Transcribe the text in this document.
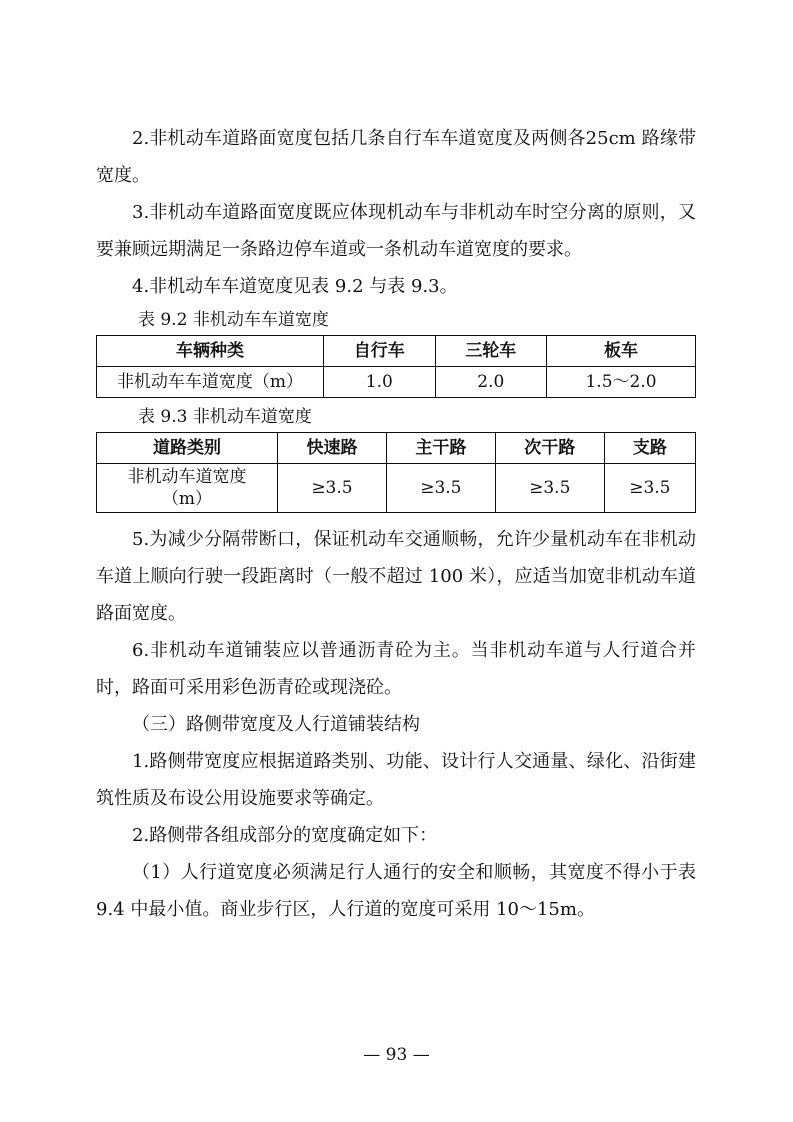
2.非机动车道路面宽度包括几条自行车车道宽度及两侧各25cm 路缘带宽度。

3.非机动车道路面宽度既应体现机动车与非机动车时空分离的原则，又要兼顾远期满足一条路边停车道或一条机动车道宽度的要求。

4.非机动车车道宽度见表 9.2 与表 9.3。

表 9.2 非机动车车道宽度

车辆种类	自行车	三轮车	板车
非机动车车道宽度（m）	1.0	2.0	1.5～2.0

表 9.3 非机动车道宽度

道路类别	快速路	主干路	次干路	支路

非机动车道宽度
（m）	≥3.5	≥3.5	≥3.5	≥3.5

5.为减少分隔带断口，保证机动车交通顺畅，允许少量机动车在非机动车道上顺向行驶一段距离时（一般不超过 100 米），应适当加宽非机动车道路面宽度。

6.非机动车道铺装应以普通沥青砼为主。当非机动车道与人行道合并时，路面可采用彩色沥青砼或现浇砼。

（三）路侧带宽度及人行道铺装结构

1.路侧带宽度应根据道路类别、功能、设计行人交通量、绿化、沿街建筑性质及布设公用设施要求等确定。

2.路侧带各组成部分的宽度确定如下：

（1）人行道宽度必须满足行人通行的安全和顺畅，其宽度不得小于表 9.4 中最小值。商业步行区，人行道的宽度可采用 10～15m。

— 93 —
